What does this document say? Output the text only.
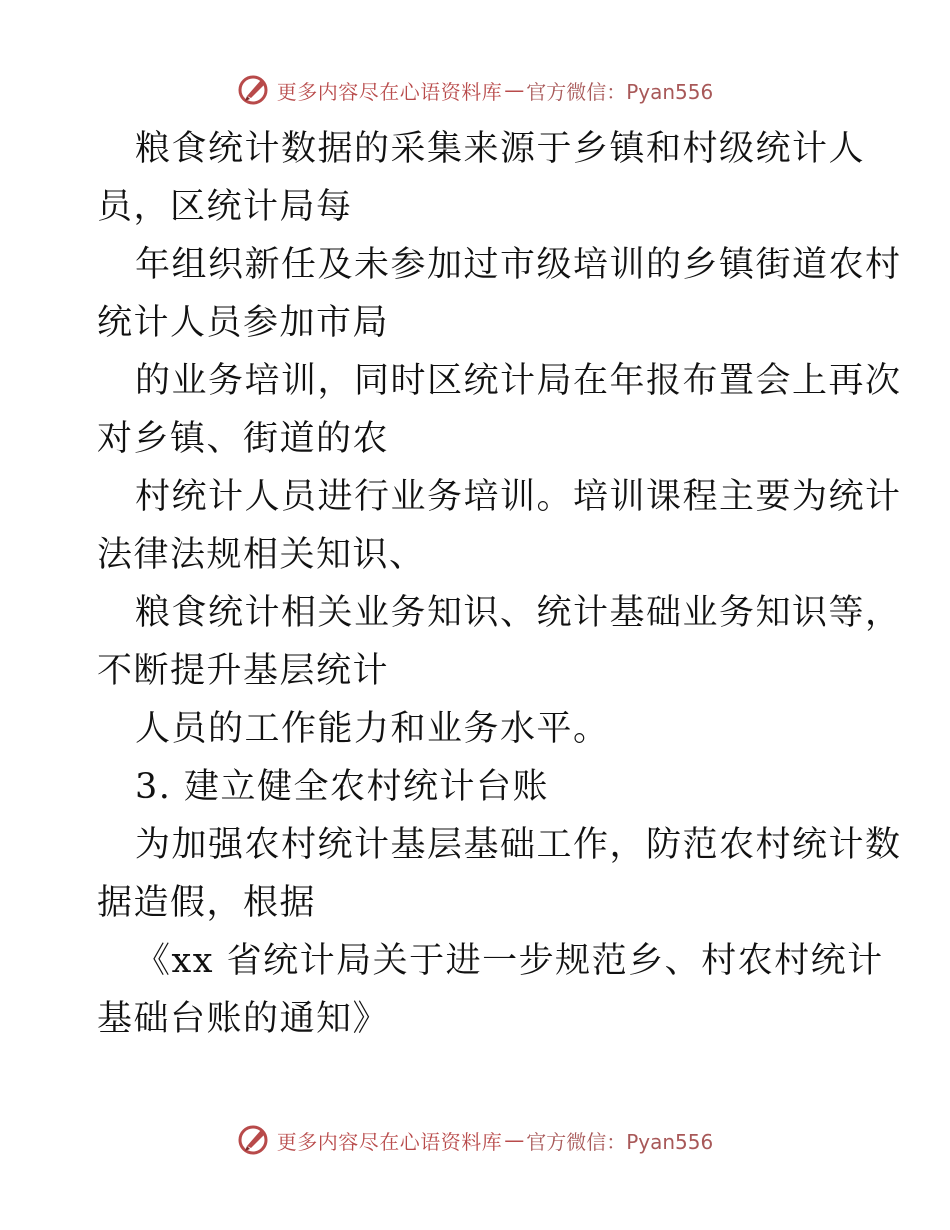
更多内容尽在心语资料库 — 官方微信：Pyan556
粮食统计数据的采集来源于乡镇和村级统计人
员，区统计局每
年组织新任及未参加过市级培训的乡镇街道农村
统计人员参加市局
的业务培训，同时区统计局在年报布置会上再次
对乡镇、街道的农
村统计人员进行业务培训。培训课程主要为统计
法律法规相关知识、
粮食统计相关业务知识、统计基础业务知识等，
不断提升基层统计
人员的工作能力和业务水平。
3. 建立健全农村统计台账
为加强农村统计基层基础工作，防范农村统计数
据造假，根据
《xx 省统计局关于进一步规范乡、村农村统计
基础台账的通知》
更多内容尽在心语资料库 — 官方微信：Pyan556
